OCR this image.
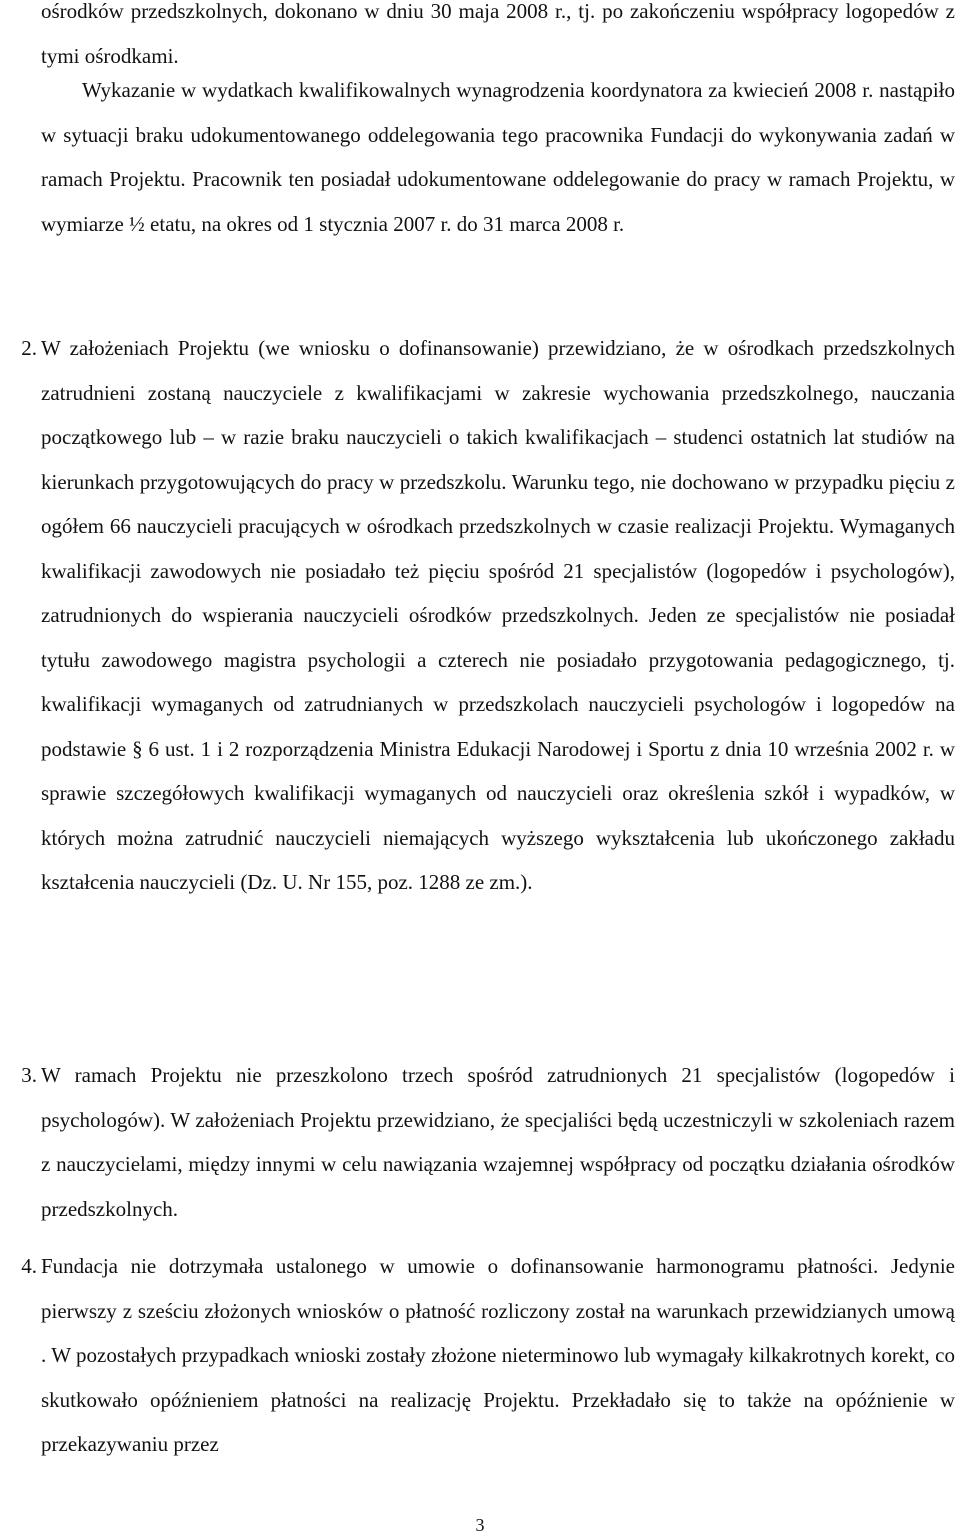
ośrodków przedszkolnych, dokonano w dniu 30 maja 2008 r., tj. po zakończeniu współpracy logopedów z tymi ośrodkami.

Wykazanie w wydatkach kwalifikowalnych wynagrodzenia koordynatora za kwiecień 2008 r. nastąpiło w sytuacji braku udokumentowanego oddelegowania tego pracownika Fundacji do wykonywania zadań w ramach Projektu. Pracownik ten posiadał udokumentowane oddelegowanie do pracy w ramach Projektu, w wymiarze ½ etatu, na okres od 1 stycznia 2007 r. do 31 marca 2008 r.

2. W założeniach Projektu (we wniosku o dofinansowanie) przewidziano, że w ośrodkach przedszkolnych zatrudnieni zostaną nauczyciele z kwalifikacjami w zakresie wychowania przedszkolnego, nauczania początkowego lub – w razie braku nauczycieli o takich kwalifikacjach – studenci ostatnich lat studiów na kierunkach przygotowujących do pracy w przedszkolu. Warunku tego, nie dochowano w przypadku pięciu z ogółem 66 nauczycieli pracujących w ośrodkach przedszkolnych w czasie realizacji Projektu. Wymaganych kwalifikacji zawodowych nie posiadało też pięciu spośród 21 specjalistów (logopedów i psychologów), zatrudnionych do wspierania nauczycieli ośrodków przedszkolnych. Jeden ze specjalistów nie posiadał tytułu zawodowego magistra psychologii a czterech nie posiadało przygotowania pedagogicznego, tj. kwalifikacji wymaganych od zatrudnianych w przedszkolach nauczycieli psychologów i logopedów na podstawie § 6 ust. 1 i 2 rozporządzenia Ministra Edukacji Narodowej i Sportu z dnia 10 września 2002 r. w sprawie szczegółowych kwalifikacji wymaganych od nauczycieli oraz określenia szkół i wypadków, w których można zatrudnić nauczycieli niemających wyższego wykształcenia lub ukończonego zakładu kształcenia nauczycieli (Dz. U. Nr 155, poz. 1288 ze zm.).

3. W ramach Projektu nie przeszkolono trzech spośród zatrudnionych 21 specjalistów (logopedów i psychologów). W założeniach Projektu przewidziano, że specjaliści będą uczestniczyli w szkoleniach razem z nauczycielami, między innymi w celu nawiązania wzajemnej współpracy od początku działania ośrodków przedszkolnych.

4. Fundacja nie dotrzymała ustalonego w umowie o dofinansowanie harmonogramu płatności. Jedynie pierwszy z sześciu złożonych wniosków o płatność rozliczony został na warunkach przewidzianych umową . W pozostałych przypadkach wnioski zostały złożone nieterminowo lub wymagały kilkakrotnych korekt, co skutkowało opóźnieniem płatności na realizację Projektu. Przekładało się to także na opóźnienie w przekazywaniu przez

3
